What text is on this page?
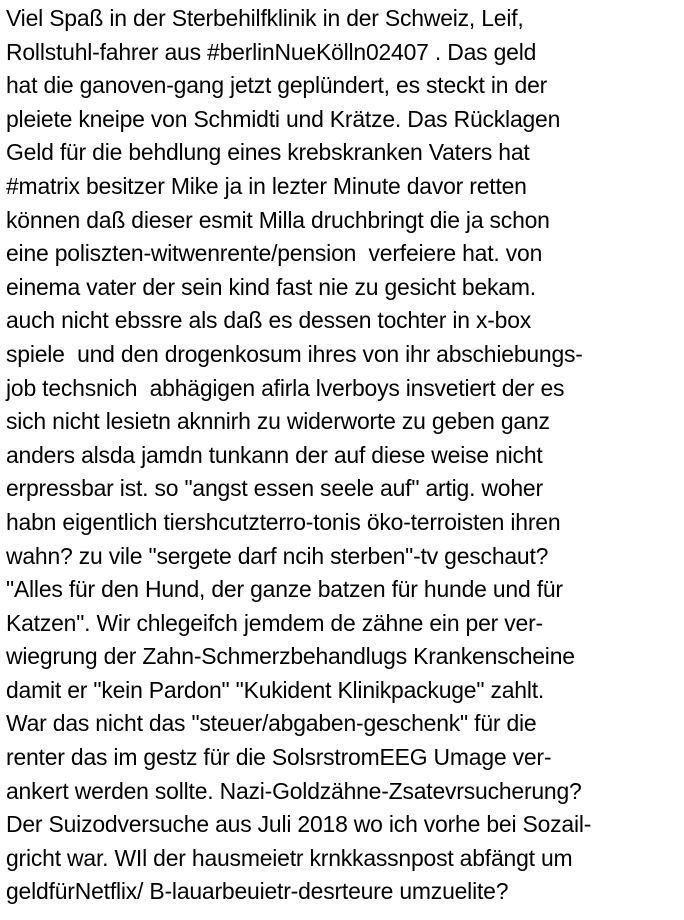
Viel Spaß in der Sterbehilfklinik in der Schweiz, Leif,
Rollstuhl-fahrer aus #berlinNueKölln02407 . Das geld
hat die ganoven-gang jetzt geplündert, es steckt in der
pleiete kneipe von Schmidti und Krätze. Das Rücklagen
Geld für die behdlung eines krebskranken Vaters hat
#matrix besitzer Mike ja in lezter Minute davor retten
können daß dieser esmit Milla druchbringt die ja schon
eine poliszten-witwenrente/pension  verfeiere hat. von
einema vater der sein kind fast nie zu gesicht bekam.
auch nicht ebssre als daß es dessen tochter in x-box
spiele  und den drogenkosum ihres von ihr abschiebungs-
job techsnich  abhägigen afirla lverboys insvetiert der es
sich nicht lesietn aknnirh zu widerworte zu geben ganz
anders alsda jamdn tunkann der auf diese weise nicht
erpressbar ist. so "angst essen seele auf" artig. woher
habn eigentlich tiershcutzterro-tonis öko-terroisten ihren
wahn? zu vile "sergete darf ncih sterben"-tv geschaut?
"Alles für den Hund, der ganze batzen für hunde und für
Katzen". Wir chlegeifch jemdem de zähne ein per ver-
wiegrung der Zahn-Schmerzbehandlugs Krankenscheine
damit er "kein Pardon" "Kukident Klinikpackuge" zahlt.
War das nicht das "steuer/abgaben-geschenk" für die
renter das im gestz für die SolsrstromEEG Umage ver-
ankert werden sollte. Nazi-Goldzähne-Zsatevrsucherung?
Der Suizodversuche aus Juli 2018 wo ich vorhe bei Sozail-
gricht war. WIl der hausmeietr krnkkassnpost abfängt um
geldfürNetflix/ B-lauarbeuietr-desrteure umzuelite?
